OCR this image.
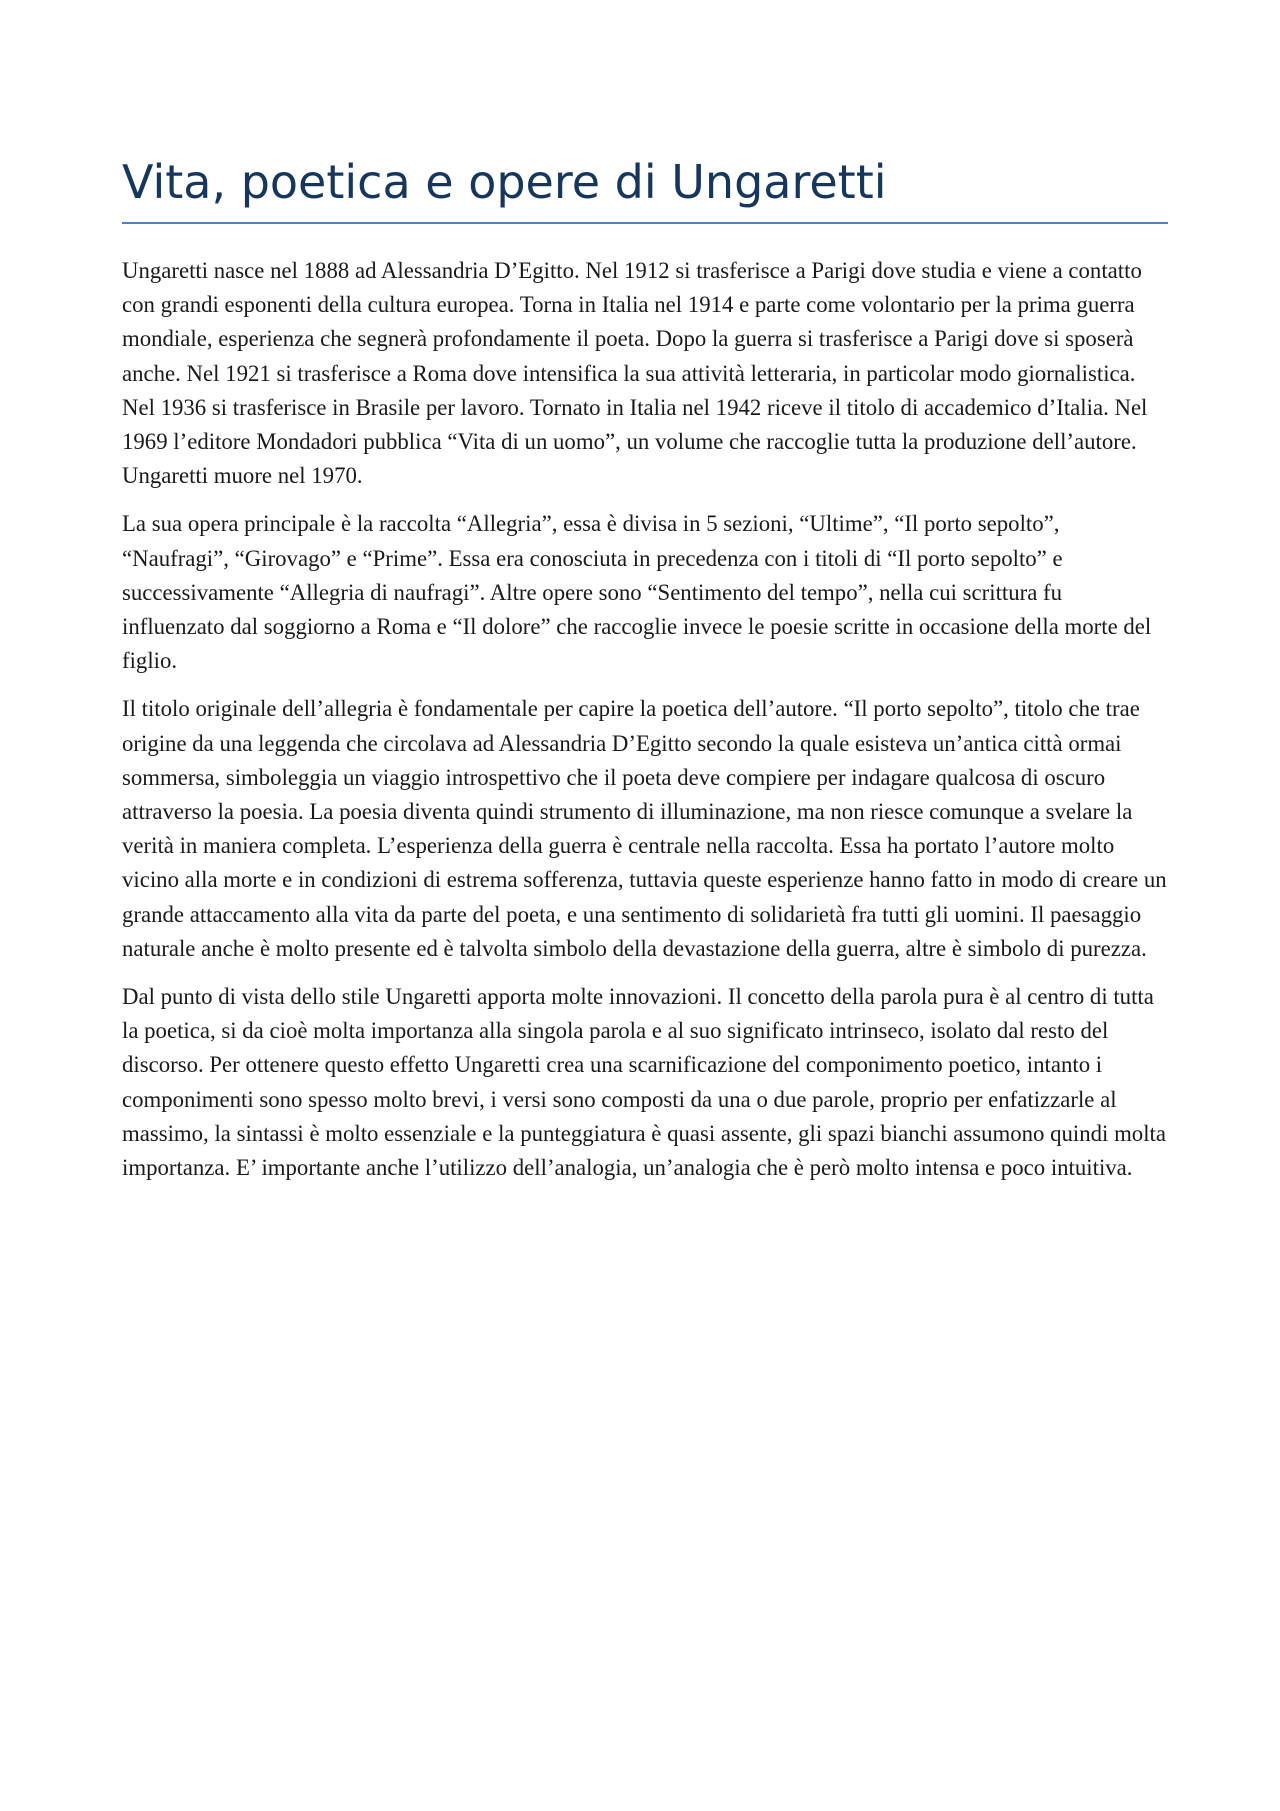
Vita, poetica e opere di Ungaretti

Ungaretti nasce nel 1888 ad Alessandria D’Egitto. Nel 1912 si trasferisce a Parigi dove studia e viene a contatto con grandi esponenti della cultura europea. Torna in Italia nel 1914 e parte come volontario per la prima guerra mondiale, esperienza che segnerà profondamente il poeta. Dopo la guerra si trasferisce a Parigi dove si sposerà anche. Nel 1921 si trasferisce a Roma dove intensifica la sua attività letteraria, in particolar modo giornalistica. Nel 1936 si trasferisce in Brasile per lavoro. Tornato in Italia nel 1942 riceve il titolo di accademico d’Italia. Nel 1969 l’editore Mondadori pubblica “Vita di un uomo”, un volume che raccoglie tutta la produzione dell’autore. Ungaretti muore nel 1970.

La sua opera principale è la raccolta “Allegria”, essa è divisa in 5 sezioni, “Ultime”, “Il porto sepolto”, “Naufragi”, “Girovago” e “Prime”. Essa era conosciuta in precedenza con i titoli di “Il porto sepolto” e successivamente “Allegria di naufragi”. Altre opere sono “Sentimento del tempo”, nella cui scrittura fu influenzato dal soggiorno a Roma e “Il dolore” che raccoglie invece le poesie scritte in occasione della morte del figlio.

Il titolo originale dell’allegria è fondamentale per capire la poetica dell’autore. “Il porto sepolto”, titolo che trae origine da una leggenda che circolava ad Alessandria D’Egitto secondo la quale esisteva un’antica città ormai sommersa, simboleggia un viaggio introspettivo che il poeta deve compiere per indagare qualcosa di oscuro attraverso la poesia. La poesia diventa quindi strumento di illuminazione, ma non riesce comunque a svelare la verità in maniera completa. L’esperienza della guerra è centrale nella raccolta. Essa ha portato l’autore molto vicino alla morte e in condizioni di estrema sofferenza, tuttavia queste esperienze hanno fatto in modo di creare un grande attaccamento alla vita da parte del poeta, e una sentimento di solidarietà fra tutti gli uomini. Il paesaggio naturale anche è molto presente ed è talvolta simbolo della devastazione della guerra, altre è simbolo di purezza.

Dal punto di vista dello stile Ungaretti apporta molte innovazioni. Il concetto della parola pura è al centro di tutta la poetica, si da cioè molta importanza alla singola parola e al suo significato intrinseco, isolato dal resto del discorso. Per ottenere questo effetto Ungaretti crea una scarnificazione del componimento poetico, intanto i componimenti sono spesso molto brevi, i versi sono composti da una o due parole, proprio per enfatizzarle al massimo, la sintassi è molto essenziale e la punteggiatura è quasi assente, gli spazi bianchi assumono quindi molta importanza. E’ importante anche l’utilizzo dell’analogia, un’analogia che è però molto intensa e poco intuitiva.
